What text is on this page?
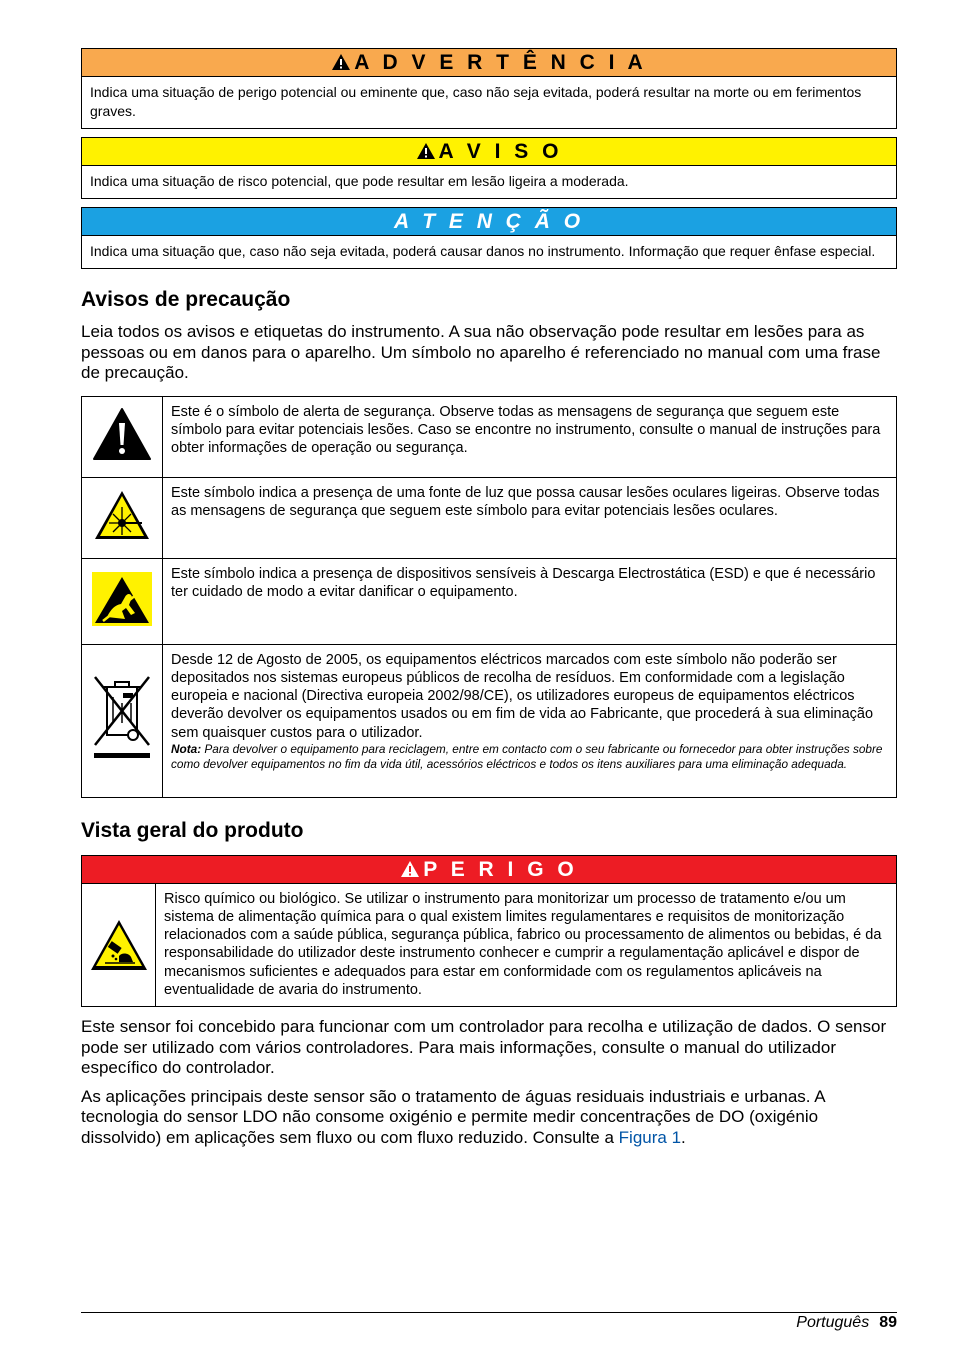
A D V E R T Ê N C I A
Indica uma situação de perigo potencial ou eminente que, caso não seja evitada, poderá resultar na morte ou em ferimentos graves.
A V I S O
Indica uma situação de risco potencial, que pode resultar em lesão ligeira a moderada.
A T E N Ç Ã O
Indica uma situação que, caso não seja evitada, poderá causar danos no instrumento. Informação que requer ênfase especial.
Avisos de precaução

Leia todos os avisos e etiquetas do instrumento. A sua não observação pode resultar em lesões para as pessoas ou em danos para o aparelho. Um símbolo no aparelho é referenciado no manual com uma frase de precaução.

	Este é o símbolo de alerta de segurança. Observe todas as mensagens de segurança que seguem este símbolo para evitar potenciais lesões. Caso se encontre no instrumento, consulte o manual de instruções para obter informações de operação ou segurança.
	Este símbolo indica a presença de uma fonte de luz que possa causar lesões oculares ligeiras. Observe todas as mensagens de segurança que seguem este símbolo para evitar potenciais lesões oculares.
	Este símbolo indica a presença de dispositivos sensíveis à Descarga Electrostática (ESD) e que é necessário ter cuidado de modo a evitar danificar o equipamento.

Desde 12 de Agosto de 2005, os equipamentos eléctricos marcados com este símbolo não poderão ser depositados nos sistemas europeus públicos de recolha de resíduos. Em conformidade com a legislação europeia e nacional (Directiva europeia 2002/98/CE), os utilizadores europeus de equipamentos eléctricos deverão devolver os equipamentos usados ou em fim de vida ao Fabricante, que procederá à sua eliminação sem quaisquer custos para o utilizador.
Nota: Para devolver o equipamento para reciclagem, entre em contacto com o seu fabricante ou fornecedor para obter instruções sobre como devolver equipamentos no fim da vida útil, acessórios eléctricos e todos os itens auxiliares para uma eliminação adequada.
Vista geral do produto
P E R I G O
Risco químico ou biológico. Se utilizar o instrumento para monitorizar um processo de tratamento e/ou um sistema de alimentação química para o qual existem limites regulamentares e requisitos de monitorização relacionados com a saúde pública, segurança pública, fabrico ou processamento de alimentos ou bebidas, é da responsabilidade do utilizador deste instrumento conhecer e cumprir a regulamentação aplicável e dispor de mecanismos suficientes e adequados para estar em conformidade com os regulamentos aplicáveis na eventualidade de avaria do instrumento.

Este sensor foi concebido para funcionar com um controlador para recolha e utilização de dados. O sensor pode ser utilizado com vários controladores. Para mais informações, consulte o manual do utilizador específico do controlador.

As aplicações principais deste sensor são o tratamento de águas residuais industriais e urbanas. A tecnologia do sensor LDO não consome oxigénio e permite medir concentrações de DO (oxigénio dissolvido) em aplicações sem fluxo ou com fluxo reduzido. Consulte a Figura 1.

Português 89
